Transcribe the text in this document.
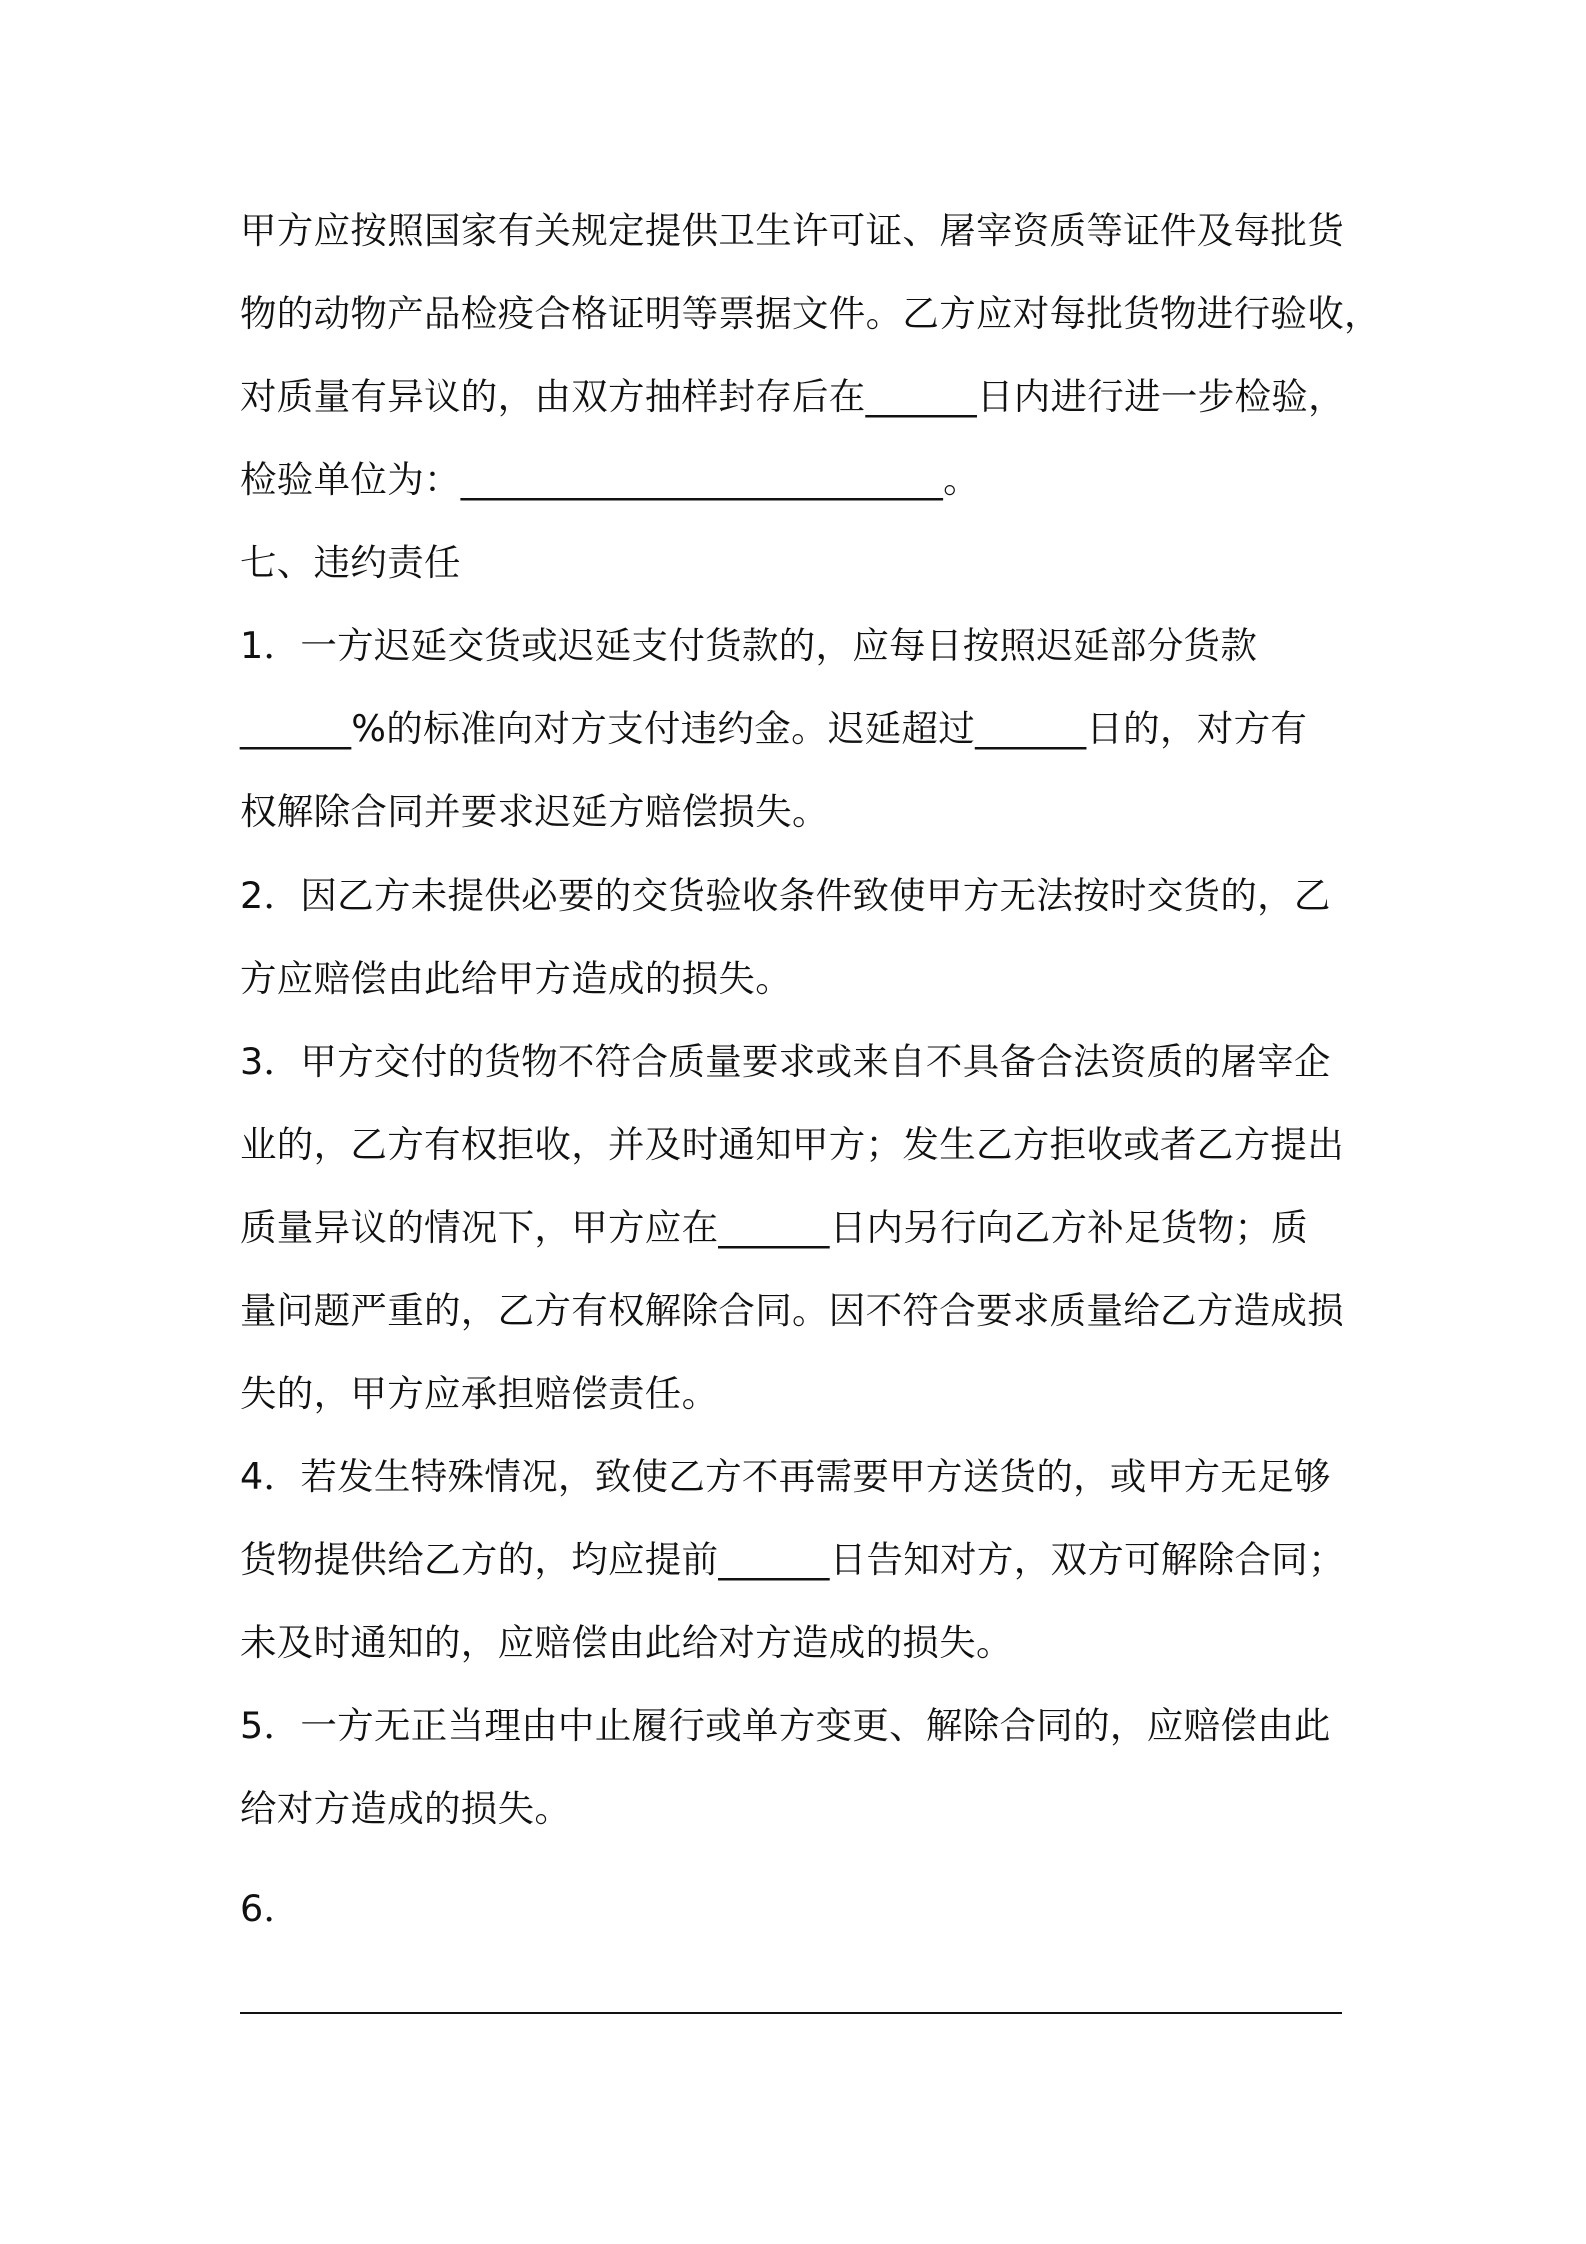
甲方应按照国家有关规定提供卫生许可证、屠宰资质等证件及每批货
物的动物产品检疫合格证明等票据文件。乙方应对每批货物进行验收，
对质量有异议的，由双方抽样封存后在______日内进行进一步检验，
检验单位为：__________________________。
七、违约责任
1．一方迟延交货或迟延支付货款的，应每日按照迟延部分货款
______%的标准向对方支付违约金。迟延超过______日的，对方有
权解除合同并要求迟延方赔偿损失。
2．因乙方未提供必要的交货验收条件致使甲方无法按时交货的，乙
方应赔偿由此给甲方造成的损失。
3．甲方交付的货物不符合质量要求或来自不具备合法资质的屠宰企
业的，乙方有权拒收，并及时通知甲方；发生乙方拒收或者乙方提出
质量异议的情况下，甲方应在______日内另行向乙方补足货物；质
量问题严重的，乙方有权解除合同。因不符合要求质量给乙方造成损
失的，甲方应承担赔偿责任。
4．若发生特殊情况，致使乙方不再需要甲方送货的，或甲方无足够
货物提供给乙方的，均应提前______日告知对方，双方可解除合同；
未及时通知的，应赔偿由此给对方造成的损失。
5．一方无正当理由中止履行或单方变更、解除合同的，应赔偿由此
给对方造成的损失。
6．
